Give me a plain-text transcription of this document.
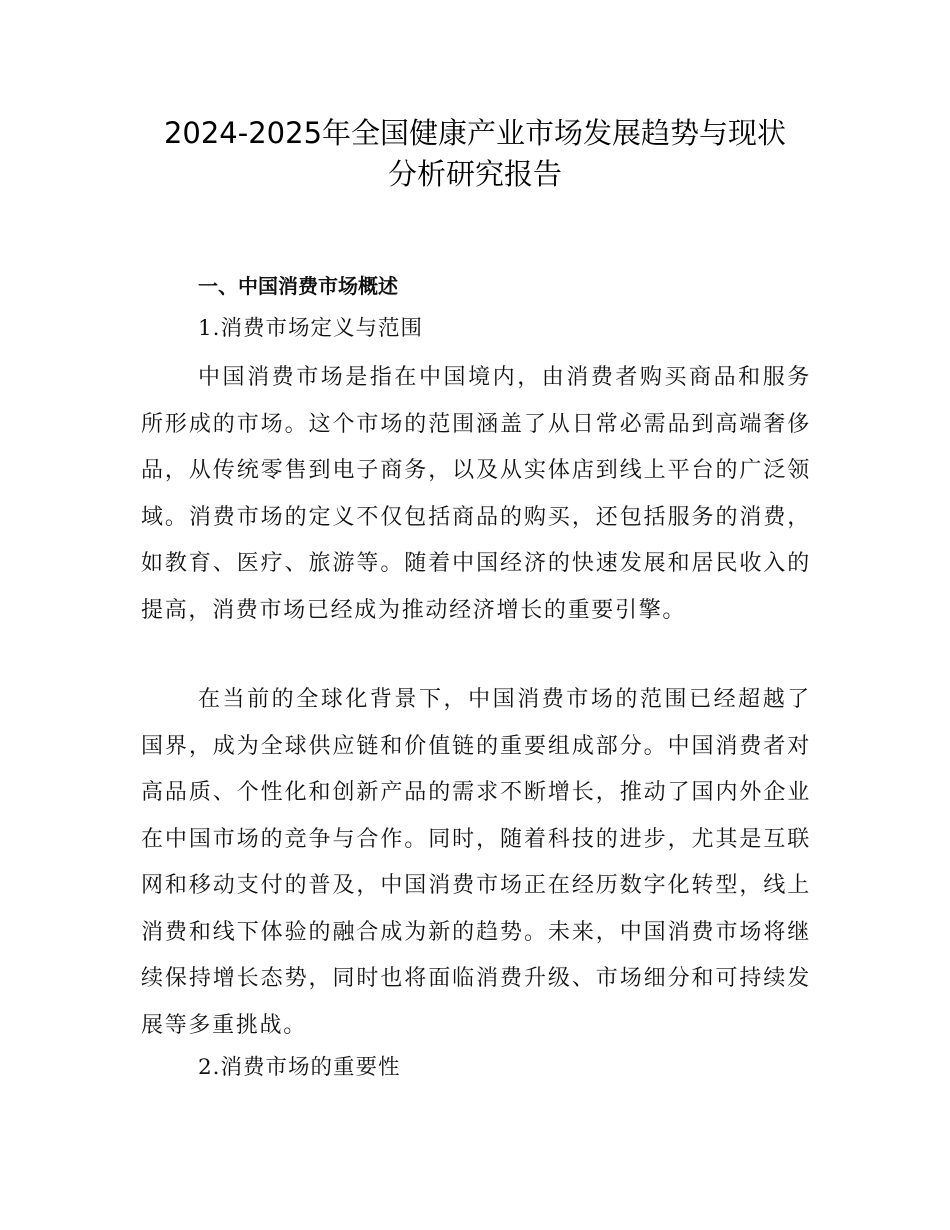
2024-2025年全国健康产业市场发展趋势与现状
分析研究报告
一、中国消费市场概述
1.消费市场定义与范围

中国消费市场是指在中国境内，由消费者购买商品和服务所形成的市场。这个市场的范围涵盖了从日常必需品到高端奢侈品，从传统零售到电子商务，以及从实体店到线上平台的广泛领域。消费市场的定义不仅包括商品的购买，还包括服务的消费，如教育、医疗、旅游等。随着中国经济的快速发展和居民收入的提高，消费市场已经成为推动经济增长的重要引擎。

在当前的全球化背景下，中国消费市场的范围已经超越了国界，成为全球供应链和价值链的重要组成部分。中国消费者对高品质、个性化和创新产品的需求不断增长，推动了国内外企业在中国市场的竞争与合作。同时，随着科技的进步，尤其是互联网和移动支付的普及，中国消费市场正在经历数字化转型，线上消费和线下体验的融合成为新的趋势。未来，中国消费市场将继续保持增长态势，同时也将面临消费升级、市场细分和可持续发展等多重挑战。

2.消费市场的重要性
